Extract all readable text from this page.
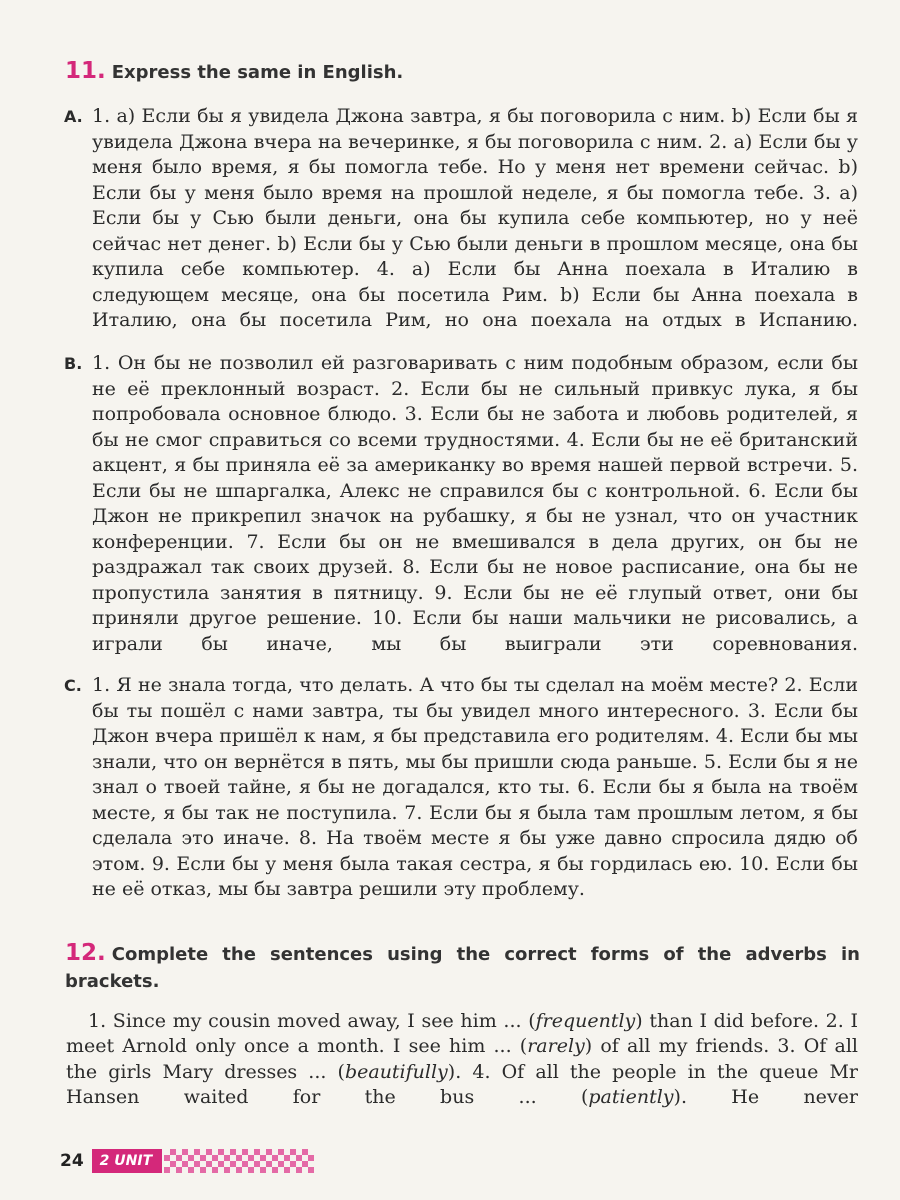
11. Express the same in English.
A. 1. a) Если бы я увидела Джона завтра, я бы поговорила с ним. b) Если бы я увидела Джона вчера на вечеринке, я бы поговорила с ним. 2. a) Если бы у меня было время, я бы помогла тебе. Но у меня нет времени сейчас. b) Если бы у меня было время на прошлой неделе, я бы помогла тебе. 3. a) Если бы у Сью были деньги, она бы купила себе компьютер, но у неё сейчас нет денег. b) Если бы у Сью были деньги в прошлом месяце, она бы купила себе компьютер. 4. a) Если бы Анна поехала в Италию в следующем месяце, она бы посетила Рим. b) Если бы Анна поехала в Италию, она бы посетила Рим, но она поехала на отдых в Испанию.
B. 1. Он бы не позволил ей разговаривать с ним подобным образом, если бы не её преклонный возраст. 2. Если бы не сильный привкус лука, я бы попробовала основное блюдо. 3. Если бы не забота и любовь родителей, я бы не смог справиться со всеми трудностями. 4. Если бы не её британский акцент, я бы приняла её за американку во время нашей первой встречи. 5. Если бы не шпаргалка, Алекс не справился бы с контрольной. 6. Если бы Джон не прикрепил значок на рубашку, я бы не узнал, что он участник конференции. 7. Если бы он не вмешивался в дела других, он бы не раздражал так своих друзей. 8. Если бы не новое расписание, она бы не пропустила занятия в пятницу. 9. Если бы не её глупый ответ, они бы приняли другое решение. 10. Если бы наши мальчики не рисовались, а играли бы иначе, мы бы выиграли эти соревнования.
C. 1. Я не знала тогда, что делать. А что бы ты сделал на моём месте? 2. Если бы ты пошёл с нами завтра, ты бы увидел много интересного. 3. Если бы Джон вчера пришёл к нам, я бы представила его родителям. 4. Если бы мы знали, что он вернётся в пять, мы бы пришли сюда раньше. 5. Если бы я не знал о твоей тайне, я бы не догадался, кто ты. 6. Если бы я была на твоём месте, я бы так не поступила. 7. Если бы я была там прошлым летом, я бы сделала это иначе. 8. На твоём месте я бы уже давно спросила дядю об этом. 9. Если бы у меня была такая сестра, я бы гордилась ею. 10. Если бы не её отказ, мы бы завтра решили эту проблему.
12. Complete the sentences using the correct forms of the adverbs in brackets.
1. Since my cousin moved away, I see him ... (frequently) than I did before. 2. I meet Arnold only once a month. I see him ... (rarely) of all my friends. 3. Of all the girls Mary dresses ... (beautifully). 4. Of all the people in the queue Mr Hansen waited for the bus ... (patiently). He never
24	2 UNIT
